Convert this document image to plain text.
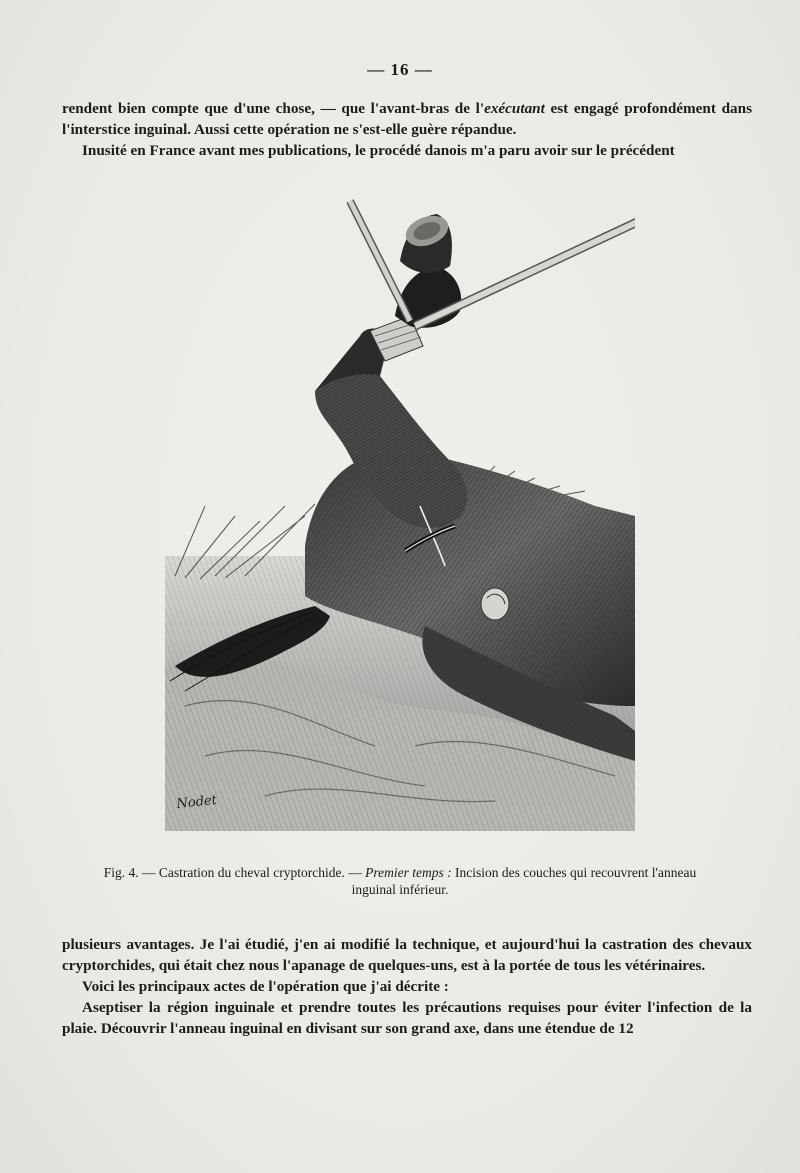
— 16 —

rendent bien compte que d'une chose, — que l'avant-bras de l'exécutant est engagé profondément dans l'interstice inguinal. Aussi cette opération ne s'est-elle guère répandue.

Inusité en France avant mes publications, le procédé danois m'a paru avoir sur le précédent

Nodet
Fig. 4. — Castration du cheval cryptorchide. — Premier temps : Incision des couches qui recouvrent l'anneau inguinal inférieur.

plusieurs avantages. Je l'ai étudié, j'en ai modifié la technique, et aujourd'hui la castration des chevaux cryptorchides, qui était chez nous l'apanage de quelques-uns, est à la portée de tous les vétérinaires.

Voici les principaux actes de l'opération que j'ai décrite :

Aseptiser la région inguinale et prendre toutes les précautions requises pour éviter l'infection de la plaie. Découvrir l'anneau inguinal en divisant sur son grand axe, dans une étendue de 12
